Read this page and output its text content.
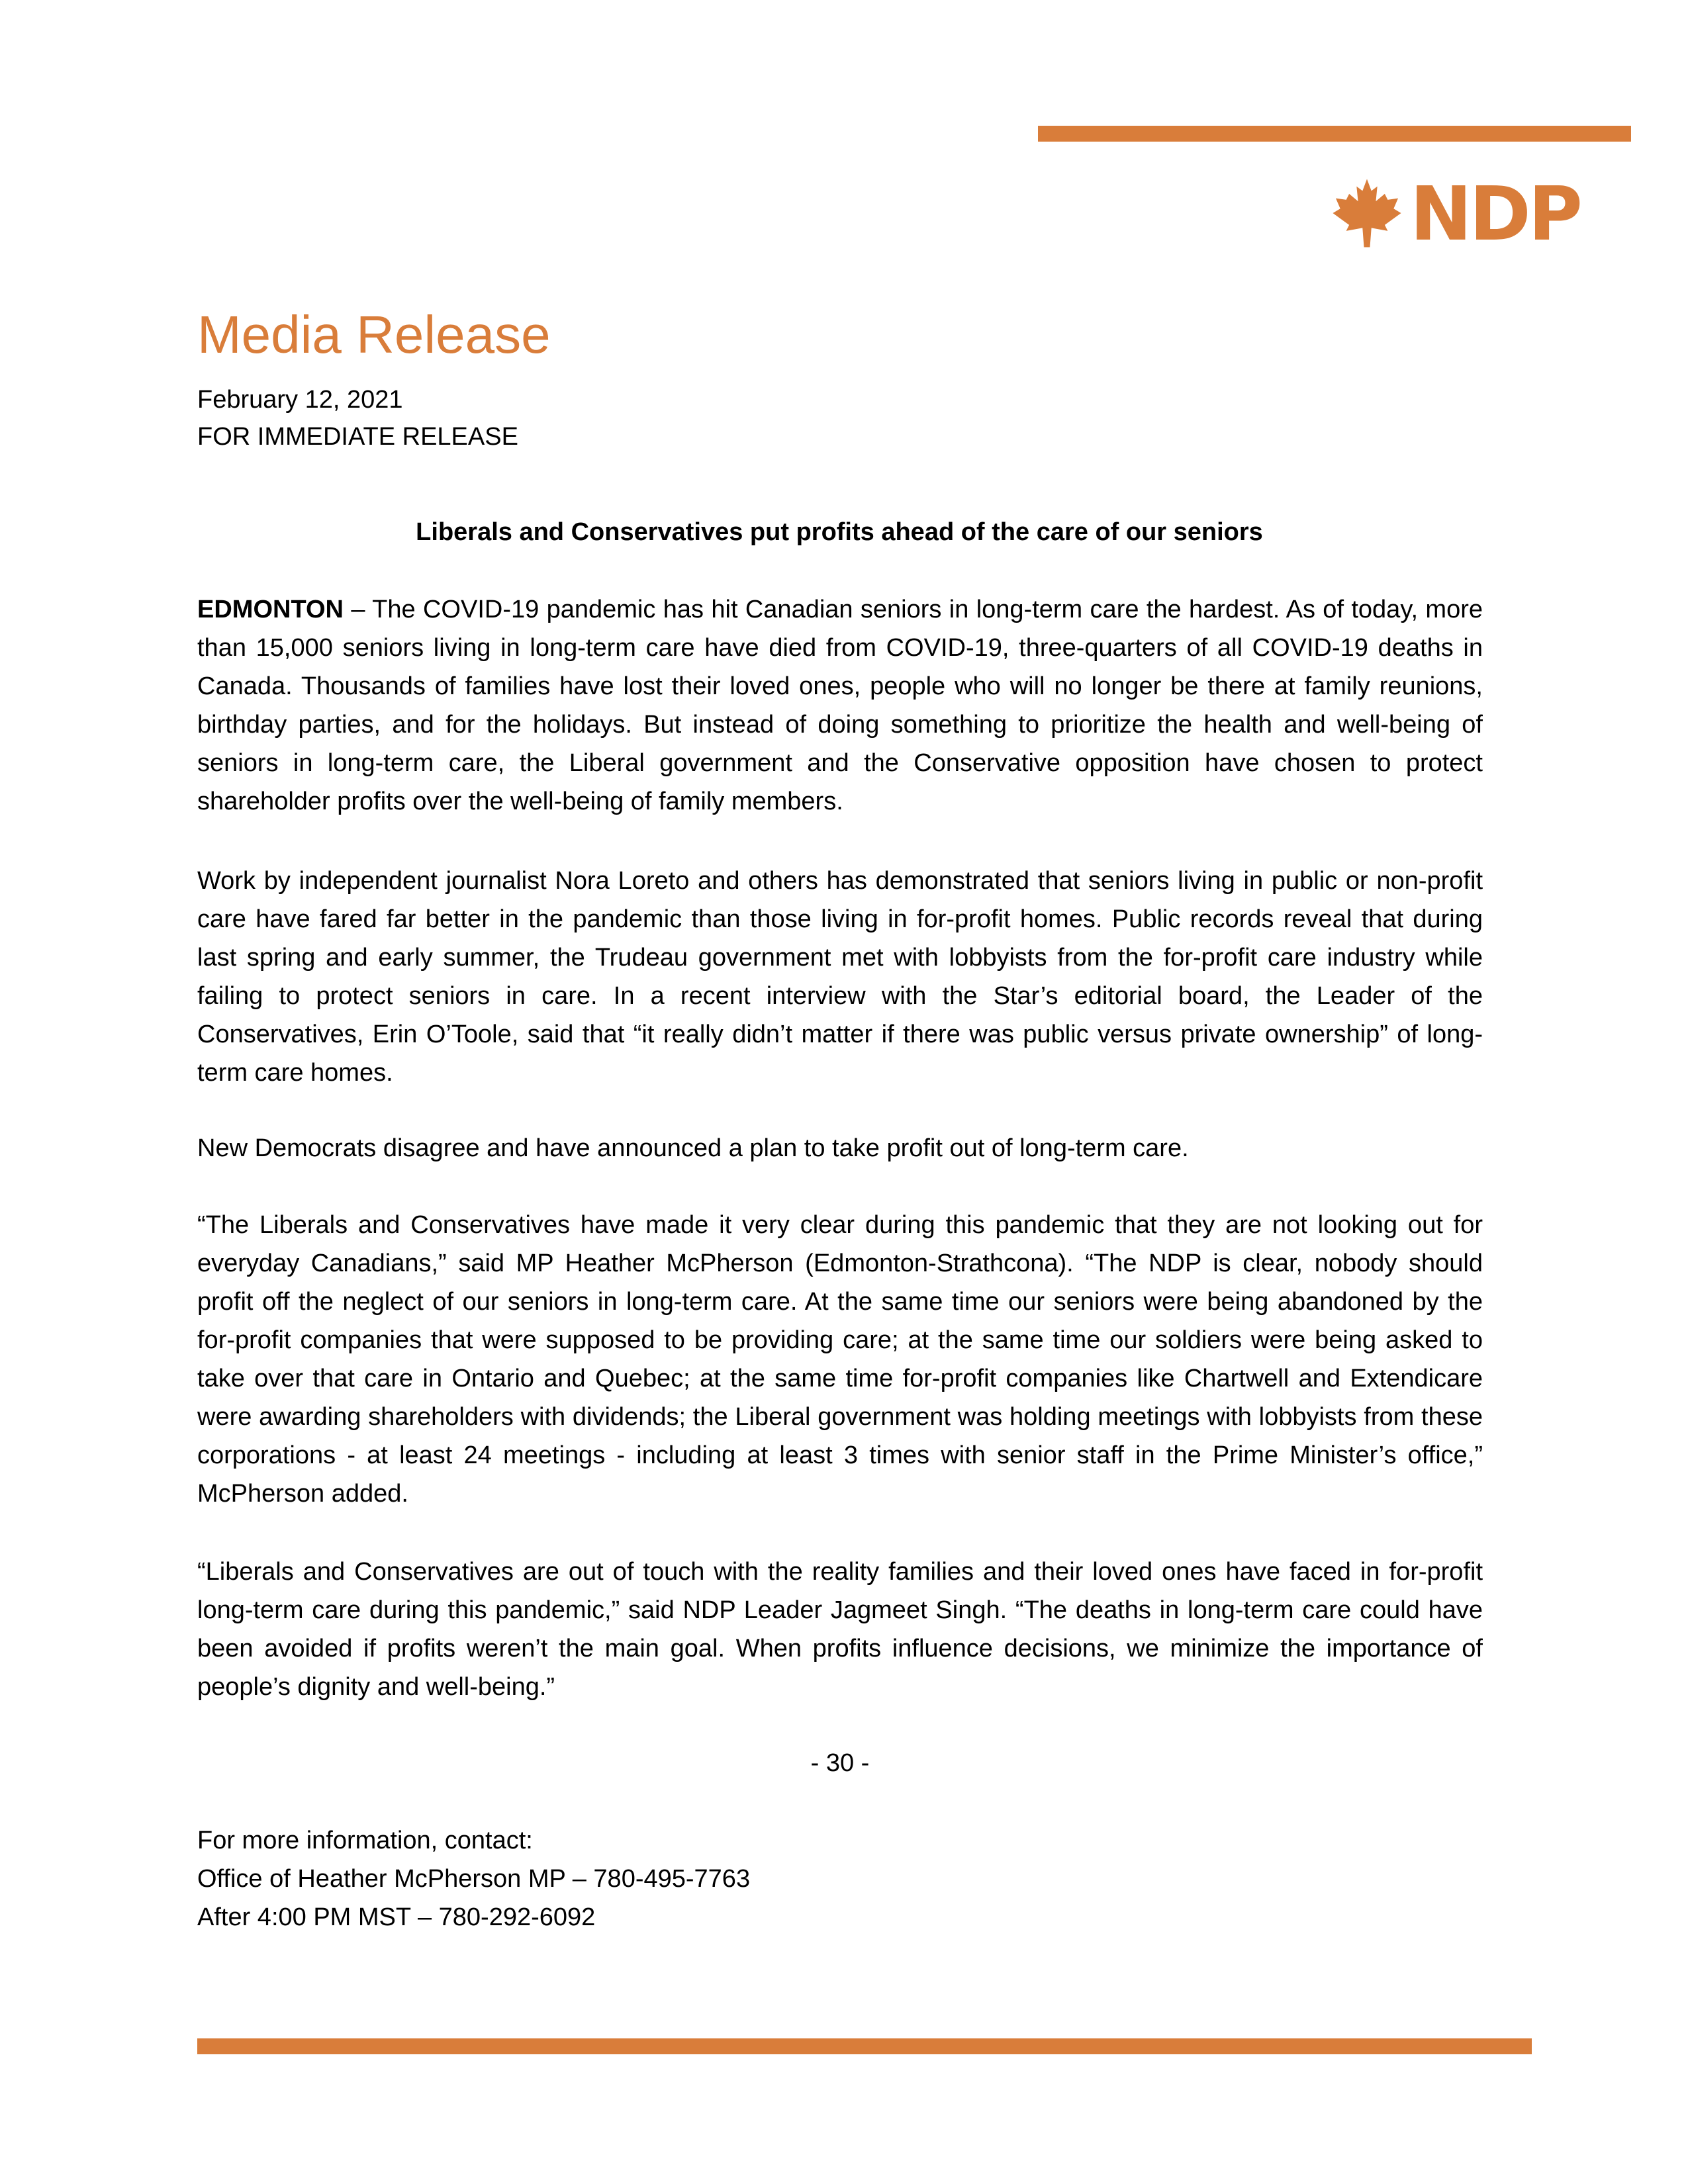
NDP
Media Release
February 12, 2021
FOR IMMEDIATE RELEASE
Liberals and Conservatives put profits ahead of the care of our seniors

EDMONTON – The COVID-19 pandemic has hit Canadian seniors in long-term care the hardest. As of today, more than 15,000 seniors living in long-term care have died from COVID-19, three-quarters of all COVID-19 deaths in Canada. Thousands of families have lost their loved ones, people who will no longer be there at family reunions, birthday parties, and for the holidays. But instead of doing something to prioritize the health and well-being of seniors in long-term care, the Liberal government and the Conservative opposition have chosen to protect shareholder profits over the well-being of family members.

Work by independent journalist Nora Loreto and others has demonstrated that seniors living in public or non-profit care have fared far better in the pandemic than those living in for-profit homes. Public records reveal that during last spring and early summer, the Trudeau government met with lobbyists from the for-profit care industry while failing to protect seniors in care. In a recent interview with the Star’s editorial board, the Leader of the Conservatives, Erin O’Toole, said that “it really didn’t matter if there was public versus private ownership” of long-term care homes.

New Democrats disagree and have announced a plan to take profit out of long-term care.

“The Liberals and Conservatives have made it very clear during this pandemic that they are not looking out for everyday Canadians,” said MP Heather McPherson (Edmonton-Strathcona). “The NDP is clear, nobody should profit off the neglect of our seniors in long-term care. At the same time our seniors were being abandoned by the for-profit companies that were supposed to be providing care; at the same time our soldiers were being asked to take over that care in Ontario and Quebec; at the same time for-profit companies like Chartwell and Extendicare were awarding shareholders with dividends; the Liberal government was holding meetings with lobbyists from these corporations - at least 24 meetings - including at least 3 times with senior staff in the Prime Minister’s office,” McPherson added.

“Liberals and Conservatives are out of touch with the reality families and their loved ones have faced in for-profit long-term care during this pandemic,” said NDP Leader Jagmeet Singh. “The deaths in long-term care could have been avoided if profits weren’t the main goal. When profits influence decisions, we minimize the importance of people’s dignity and well-being.”

- 30 -
For more information, contact:
Office of Heather McPherson MP – 780-495-7763
After 4:00 PM MST – 780-292-6092
